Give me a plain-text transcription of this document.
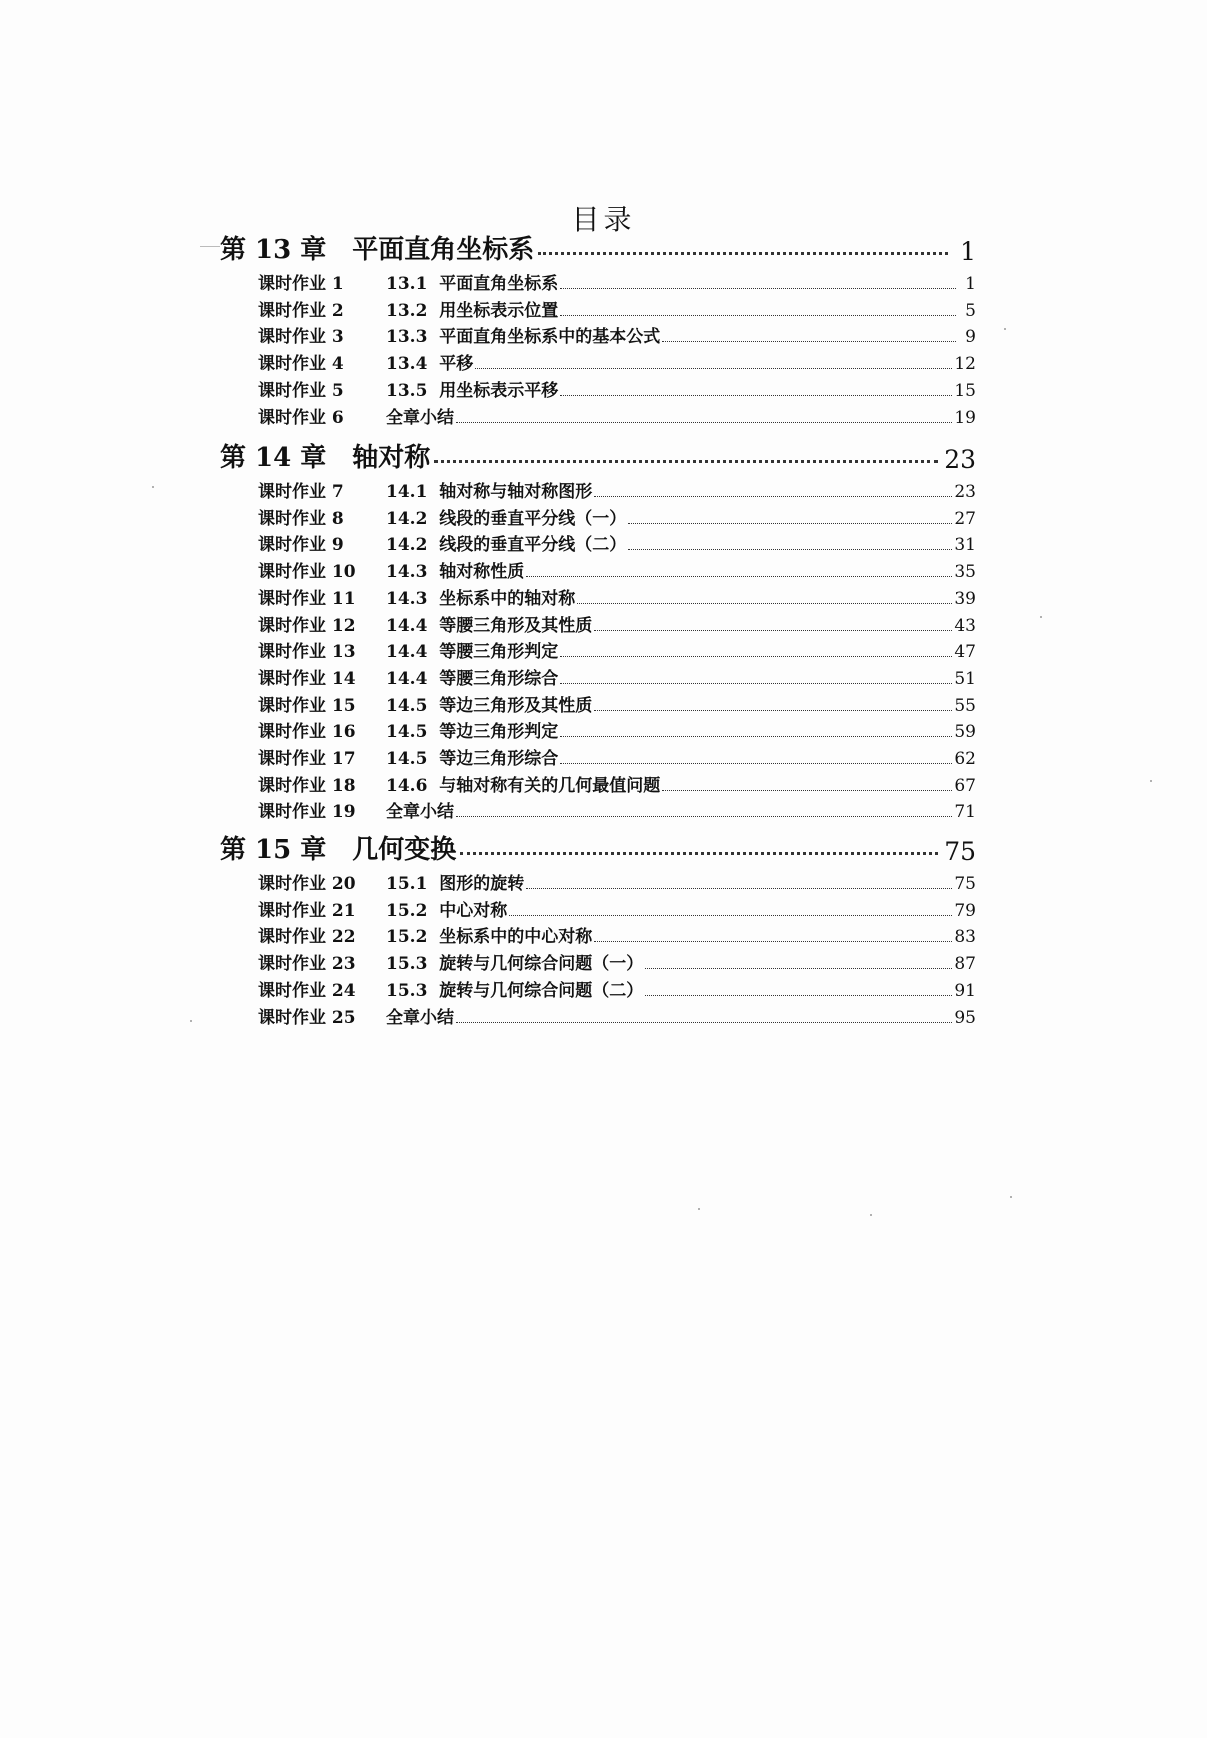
目录
第 13 章 平面直角坐标系	1
课时作业 1	13.1  平面直角坐标系	1
课时作业 2	13.2  用坐标表示位置	5
课时作业 3	13.3  平面直角坐标系中的基本公式	9
课时作业 4	13.4  平移	12
课时作业 5	13.5  用坐标表示平移	15
课时作业 6	全章小结	19
第 14 章 轴对称	23
课时作业 7	14.1  轴对称与轴对称图形	23
课时作业 8	14.2  线段的垂直平分线（一）	27
课时作业 9	14.2  线段的垂直平分线（二）	31
课时作业 10	14.3  轴对称性质	35
课时作业 11	14.3  坐标系中的轴对称	39
课时作业 12	14.4  等腰三角形及其性质	43
课时作业 13	14.4  等腰三角形判定	47
课时作业 14	14.4  等腰三角形综合	51
课时作业 15	14.5  等边三角形及其性质	55
课时作业 16	14.5  等边三角形判定	59
课时作业 17	14.5  等边三角形综合	62
课时作业 18	14.6  与轴对称有关的几何最值问题	67
课时作业 19	全章小结	71
第 15 章 几何变换	75
课时作业 20	15.1  图形的旋转	75
课时作业 21	15.2  中心对称	79
课时作业 22	15.2  坐标系中的中心对称	83
课时作业 23	15.3  旋转与几何综合问题（一）	87
课时作业 24	15.3  旋转与几何综合问题（二）	91
课时作业 25	全章小结	95
